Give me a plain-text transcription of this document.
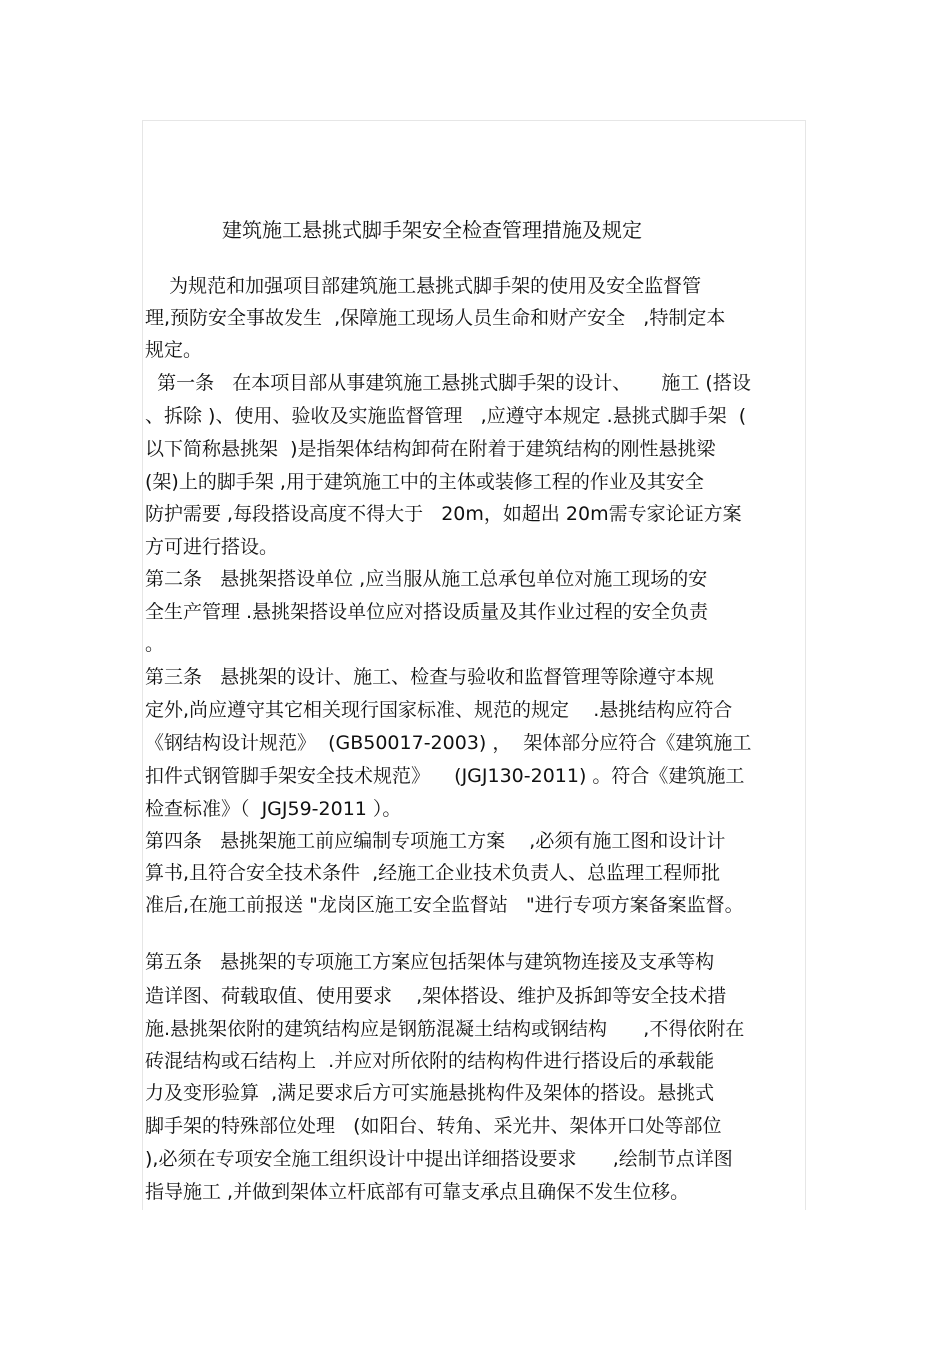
建筑施工悬挑式脚手架安全检查管理措施及规定

为规范和加强项目部建筑施工悬挑式脚手架的使用及安全监督管

理,预防安全事故发生  ,保障施工现场人员生命和财产安全   ,特制定本

规定。

第一条   在本项目部从事建筑施工悬挑式脚手架的设计、     施工 (搭设

、拆除 )、使用、验收及实施监督管理   ,应遵守本规定 .悬挑式脚手架  (

以下简称悬挑架  )是指架体结构卸荷在附着于建筑结构的刚性悬挑梁

(架)上的脚手架 ,用于建筑施工中的主体或装修工程的作业及其安全

防护需要 ,每段搭设高度不得大于   20m，如超出 20m需专家论证方案

方可进行搭设。

第二条   悬挑架搭设单位 ,应当服从施工总承包单位对施工现场的安

全生产管理 .悬挑架搭设单位应对搭设质量及其作业过程的安全负责

。

第三条   悬挑架的设计、施工、检查与验收和监督管理等除遵守本规

定外,尚应遵守其它相关现行国家标准、规范的规定    .悬挑结构应符合

《钢结构设计规范》  (GB50017-2003) ，  架体部分应符合《建筑施工

扣件式钢管脚手架安全技术规范》    (JGJ130-2011) 。符合《建筑施工

检查标准》（  JGJ59-2011 ）。

第四条   悬挑架施工前应编制专项施工方案    ,必须有施工图和设计计

算书,且符合安全技术条件  ,经施工企业技术负责人、总监理工程师批

准后,在施工前报送 "龙岗区施工安全监督站   "进行专项方案备案监督。

第五条   悬挑架的专项施工方案应包括架体与建筑物连接及支承等构

造详图、荷载取值、使用要求    ,架体搭设、维护及拆卸等安全技术措

施.悬挑架依附的建筑结构应是钢筋混凝土结构或钢结构      ,不得依附在

砖混结构或石结构上  .并应对所依附的结构构件进行搭设后的承载能

力及变形验算  ,满足要求后方可实施悬挑构件及架体的搭设。悬挑式

脚手架的特殊部位处理   (如阳台、转角、采光井、架体开口处等部位

),必须在专项安全施工组织设计中提出详细搭设要求      ,绘制节点详图

指导施工 ,并做到架体立杆底部有可靠支承点且确保不发生位移。
